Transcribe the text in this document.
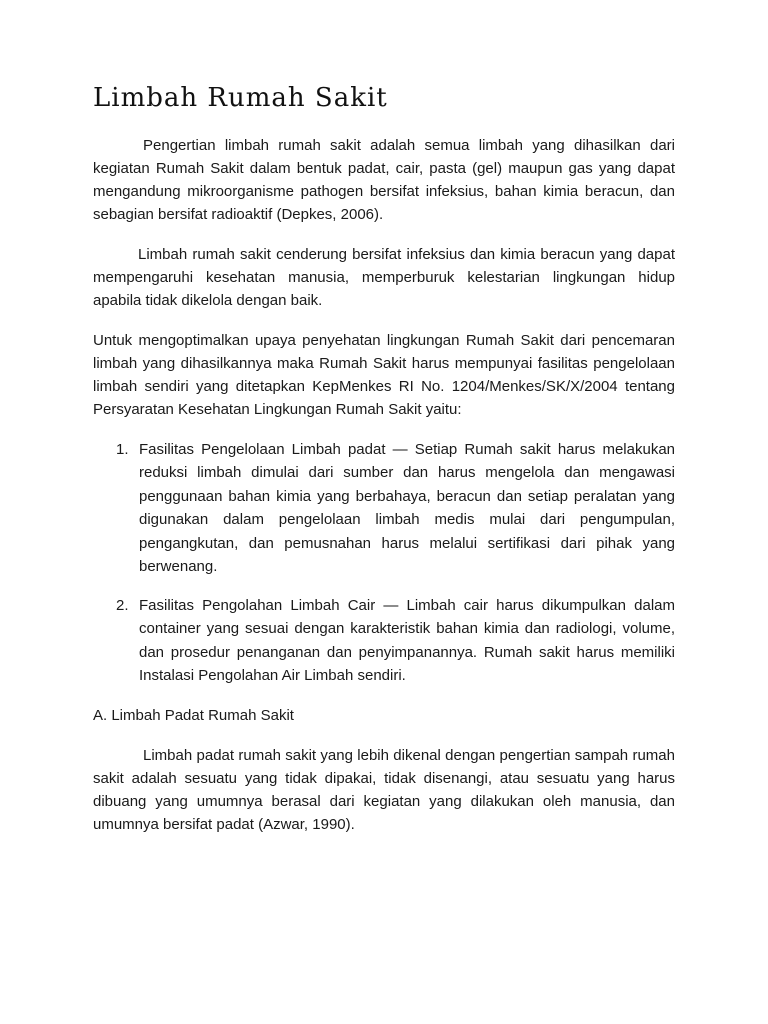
Limbah Rumah Sakit

Pengertian limbah rumah sakit adalah semua limbah yang dihasilkan dari kegiatan Rumah Sakit dalam bentuk padat, cair, pasta (gel) maupun gas yang dapat mengandung mikroorganisme pathogen bersifat infeksius, bahan kimia beracun, dan sebagian bersifat radioaktif (Depkes, 2006).

Limbah rumah sakit cenderung bersifat infeksius dan kimia beracun yang dapat mempengaruhi kesehatan manusia, memperburuk kelestarian lingkungan hidup apabila tidak dikelola dengan baik.

Untuk mengoptimalkan upaya penyehatan lingkungan Rumah Sakit dari pencemaran limbah yang dihasilkannya maka Rumah Sakit harus mempunyai fasilitas pengelolaan limbah sendiri yang ditetapkan KepMenkes RI No. 1204/Menkes/SK/X/2004 tentang Persyaratan Kesehatan Lingkungan Rumah Sakit yaitu:

1. Fasilitas Pengelolaan Limbah padat — Setiap Rumah sakit harus melakukan reduksi limbah dimulai dari sumber dan harus mengelola dan mengawasi penggunaan bahan kimia yang berbahaya, beracun dan setiap peralatan yang digunakan dalam pengelolaan limbah medis mulai dari pengumpulan, pengangkutan, dan pemusnahan harus melalui sertifikasi dari pihak yang berwenang.
2. Fasilitas Pengolahan Limbah Cair — Limbah cair harus dikumpulkan dalam container yang sesuai dengan karakteristik bahan kimia dan radiologi, volume, dan prosedur penanganan dan penyimpanannya. Rumah sakit harus memiliki Instalasi Pengolahan Air Limbah sendiri.
A. Limbah Padat Rumah Sakit

Limbah padat rumah sakit yang lebih dikenal dengan pengertian sampah rumah sakit adalah sesuatu yang tidak dipakai, tidak disenangi, atau sesuatu yang harus dibuang yang umumnya berasal dari kegiatan yang dilakukan oleh manusia, dan umumnya bersifat padat (Azwar, 1990).
